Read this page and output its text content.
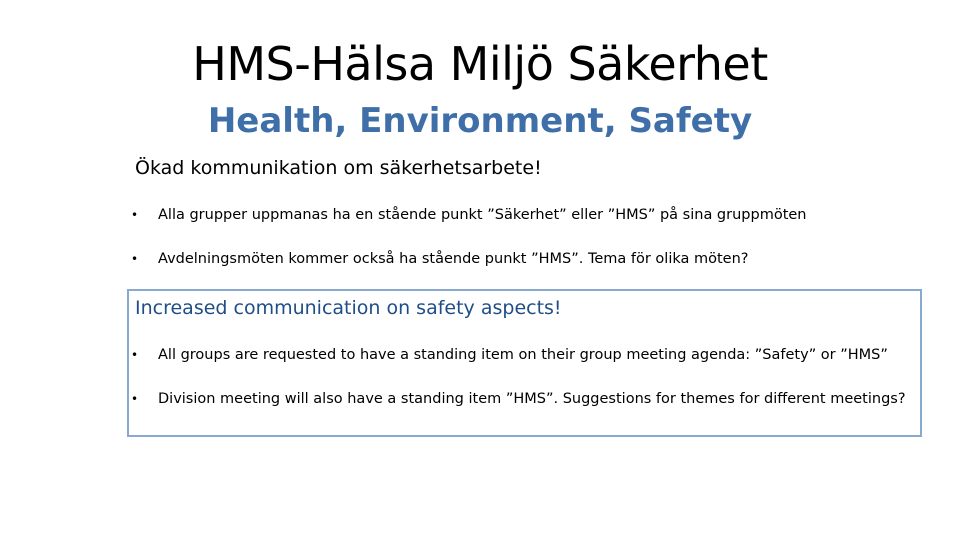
HMS-Hälsa Miljö Säkerhet
Health, Environment, Safety

Ökad kommunikation om säkerhetsarbete!

• Alla grupper uppmanas ha en stående punkt ”Säkerhet” eller ”HMS” på sina gruppmöten
• Avdelningsmöten kommer också ha stående punkt ”HMS”. Tema för olika möten?

Increased communication on safety aspects!

• All groups are requested to have a standing item on their group meeting agenda: ”Safety” or ”HMS”
• Division meeting will also have a standing item ”HMS”. Suggestions for themes for different meetings?
